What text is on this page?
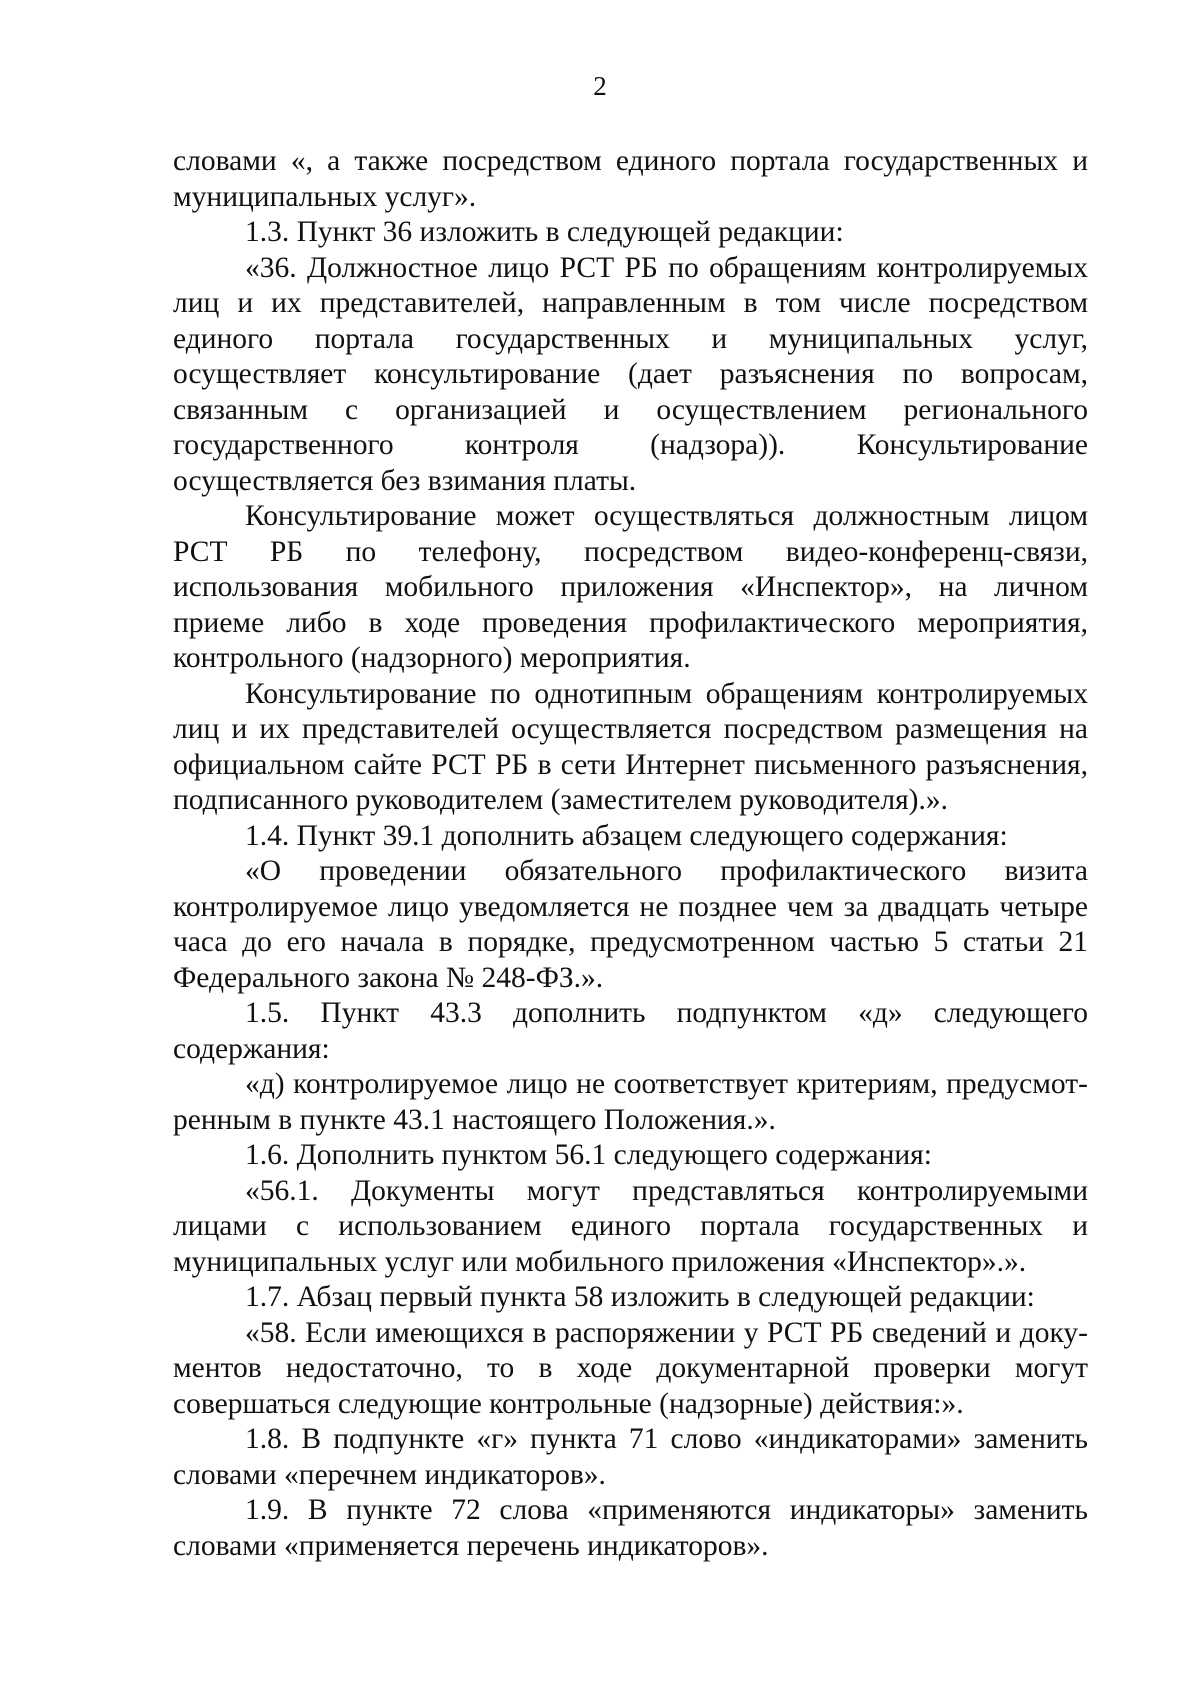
2

словами «, а также посредством единого портала государственных и муниципальных услуг».

1.3. Пункт 36 изложить в следующей редакции:

«36. Должностное лицо РСТ РБ по обращениям контролируемых лиц и их представителей, направленным в том числе посредством единого портала государственных и муниципальных услуг, осуществляет консультирование (дает разъяснения по вопросам, связанным с организацией и осуществлением регионального государственного контроля (надзора)). Консультирование осуществляется без взимания платы.

Консультирование может осуществляться должностным лицом РСТ РБ по телефону, посредством видео-конференц-связи, использования мобильного приложения «Инспектор», на личном приеме либо в ходе проведения профилактического мероприятия, контрольного (надзорного) мероприятия.

Консультирование по однотипным обращениям контролируемых лиц и их представителей осуществляется посредством размещения на официальном сайте РСТ РБ в сети Интернет письменного разъяснения, подписанного руководителем (заместителем руководителя).».

1.4. Пункт 39.1 дополнить абзацем следующего содержания:

«О проведении обязательного профилактического визита контролируемое лицо уведомляется не позднее чем за двадцать четыре часа до его начала в порядке, предусмотренном частью 5 статьи 21 Федерального закона № 248-ФЗ.».

1.5. Пункт 43.3 дополнить подпунктом «д» следующего содержания:

«д) контролируемое лицо не соответствует критериям, предусмотренным в пункте 43.1 настоящего Положения.».

1.6. Дополнить пунктом 56.1 следующего содержания:

«56.1. Документы могут представляться контролируемыми лицами с использованием единого портала государственных и муниципальных услуг или мобильного приложения «Инспектор».».

1.7. Абзац первый пункта 58 изложить в следующей редакции:

«58. Если имеющихся в распоряжении у РСТ РБ сведений и документов недостаточно, то в ходе документарной проверки могут совершаться следующие контрольные (надзорные) действия:».

1.8. В подпункте «г» пункта 71 слово «индикаторами» заменить словами «перечнем индикаторов».

1.9. В пункте 72 слова «применяются индикаторы» заменить словами «применяется перечень индикаторов».
